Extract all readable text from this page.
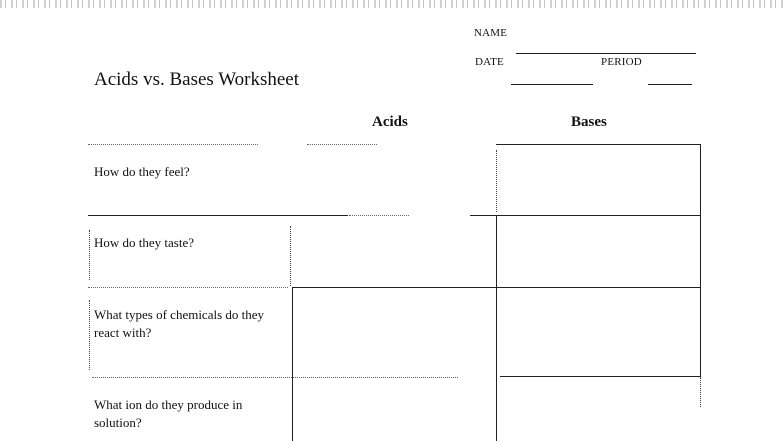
NAME
DATE	PERIOD
Acids vs. Bases Worksheet
Acids	Bases
How do they feel?
How do they taste?
What types of chemicals do they react with?
What ion do they produce in solution?
